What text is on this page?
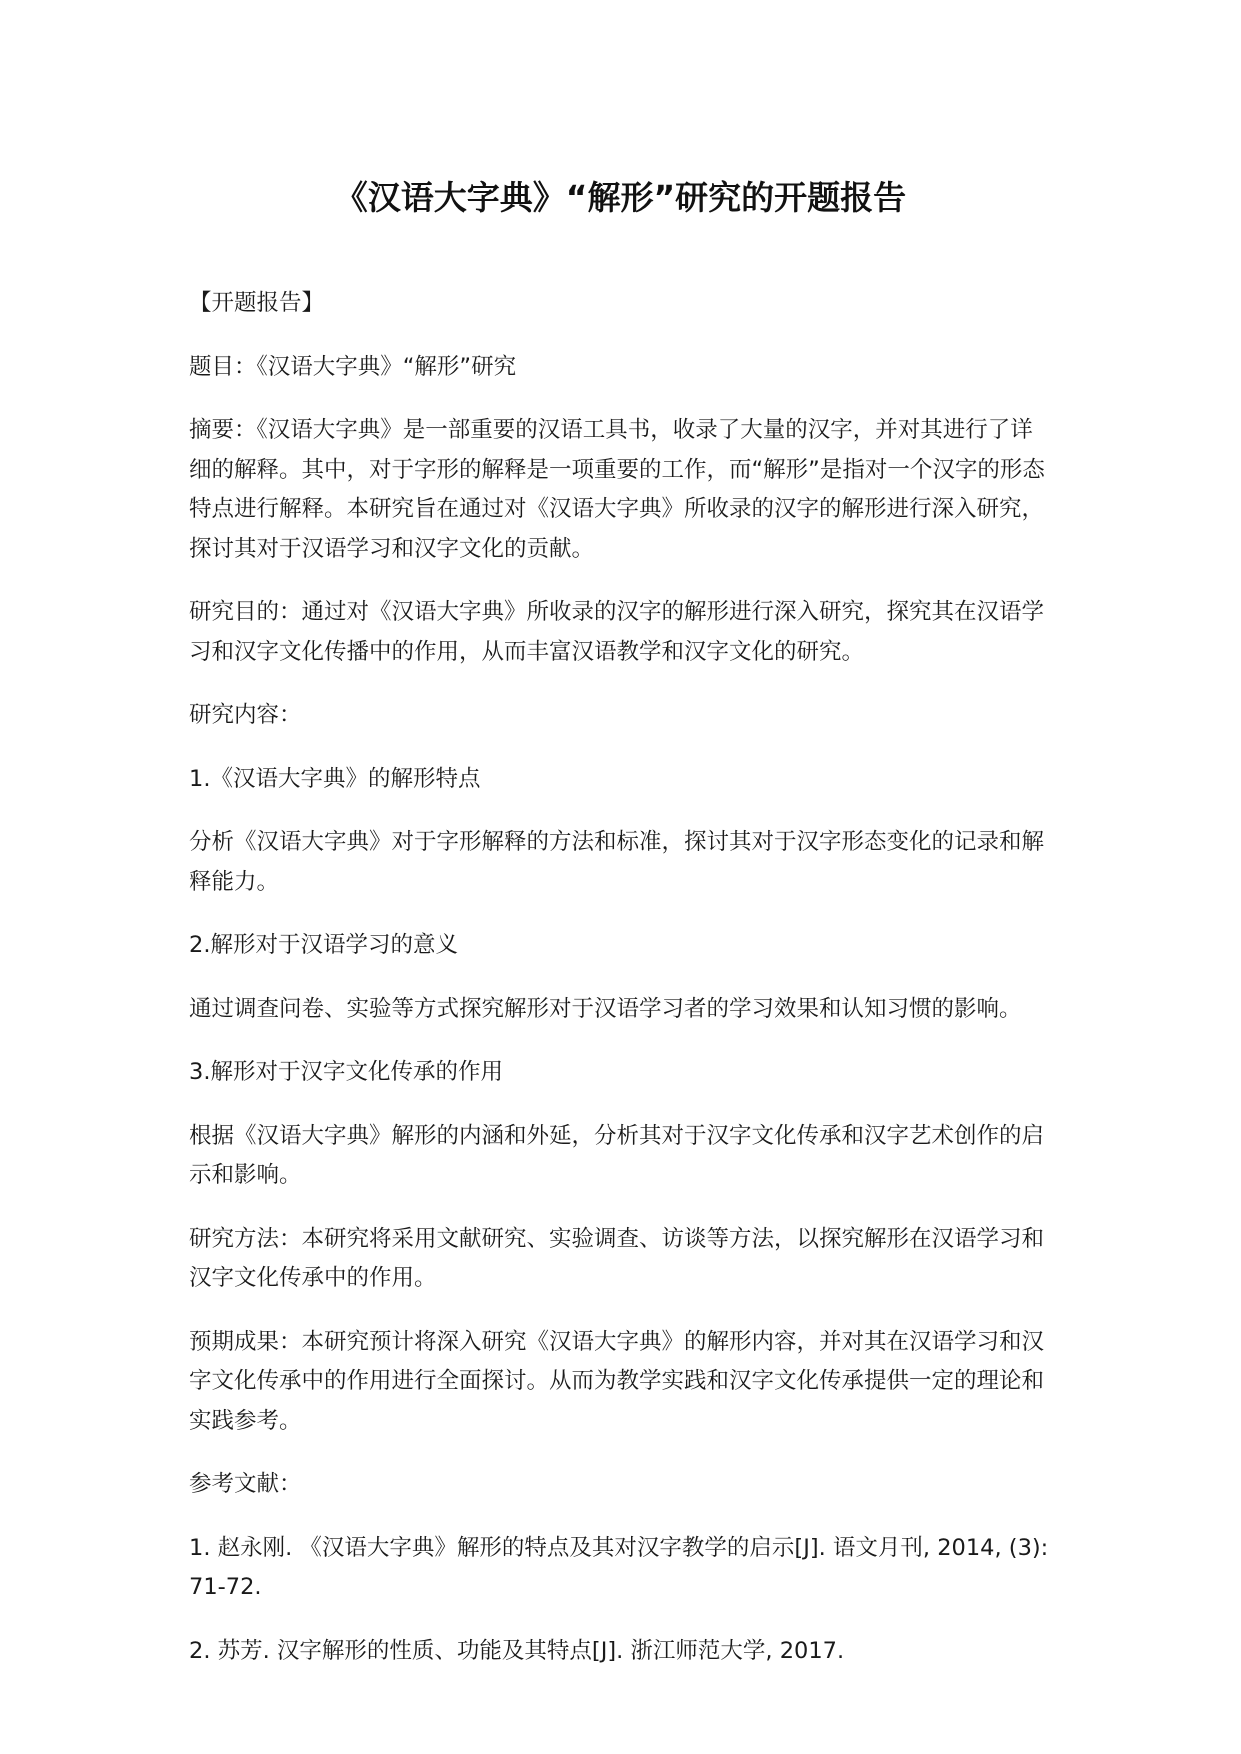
《汉语大字典》“解形”研究的开题报告

【开题报告】

题目：《汉语大字典》“解形”研究

摘要：《汉语大字典》是一部重要的汉语工具书，收录了大量的汉字，并对其进行了详细的解释。其中，对于字形的解释是一项重要的工作，而“解形”是指对一个汉字的形态特点进行解释。本研究旨在通过对《汉语大字典》所收录的汉字的解形进行深入研究，探讨其对于汉语学习和汉字文化的贡献。

研究目的：通过对《汉语大字典》所收录的汉字的解形进行深入研究，探究其在汉语学习和汉字文化传播中的作用，从而丰富汉语教学和汉字文化的研究。

研究内容：

1.《汉语大字典》的解形特点

分析《汉语大字典》对于字形解释的方法和标准，探讨其对于汉字形态变化的记录和解释能力。

2.解形对于汉语学习的意义

通过调查问卷、实验等方式探究解形对于汉语学习者的学习效果和认知习惯的影响。

3.解形对于汉字文化传承的作用

根据《汉语大字典》解形的内涵和外延，分析其对于汉字文化传承和汉字艺术创作的启示和影响。

研究方法：本研究将采用文献研究、实验调查、访谈等方法，以探究解形在汉语学习和汉字文化传承中的作用。

预期成果：本研究预计将深入研究《汉语大字典》的解形内容，并对其在汉语学习和汉字文化传承中的作用进行全面探讨。从而为教学实践和汉字文化传承提供一定的理论和实践参考。

参考文献：

1. 赵永刚. 《汉语大字典》解形的特点及其对汉字教学的启示[J]. 语文月刊, 2014, (3): 71-72.

2. 苏芳. 汉字解形的性质、功能及其特点[J]. 浙江师范大学, 2017.
